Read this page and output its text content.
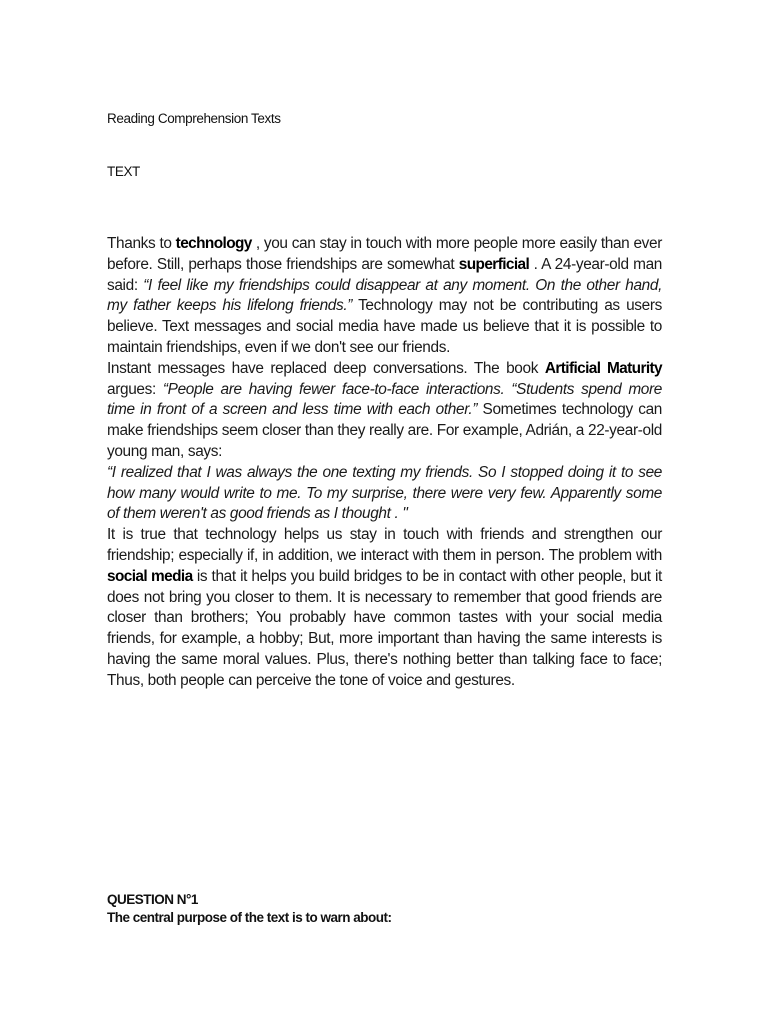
Reading Comprehension Texts
TEXT

Thanks to technology , you can stay in touch with more people more easily than ever before. Still, perhaps those friendships are somewhat superficial . A 24-year-old man said: “I feel like my friendships could disappear at any moment. On the other hand, my father keeps his lifelong friends.” Technology may not be contributing as users believe. Text messages and social media have made us believe that it is possible to maintain friendships, even if we don't see our friends.

Instant messages have replaced deep conversations. The book Artificial Maturity argues: “People are having fewer face-to-face interactions. “Students spend more time in front of a screen and less time with each other.” Sometimes technology can make friendships seem closer than they really are. For example, Adrián, a 22-year-old young man, says:

“I realized that I was always the one texting my friends. So I stopped doing it to see how many would write to me. To my surprise, there were very few. Apparently some of them weren't as good friends as I thought . "

It is true that technology helps us stay in touch with friends and strengthen our friendship; especially if, in addition, we interact with them in person. The problem with social media is that it helps you build bridges to be in contact with other people, but it does not bring you closer to them. It is necessary to remember that good friends are closer than brothers; You probably have common tastes with your social media friends, for example, a hobby; But, more important than having the same interests is having the same moral values. Plus, there's nothing better than talking face to face; Thus, both people can perceive the tone of voice and gestures.

QUESTION N°1
The central purpose of the text is to warn about:
